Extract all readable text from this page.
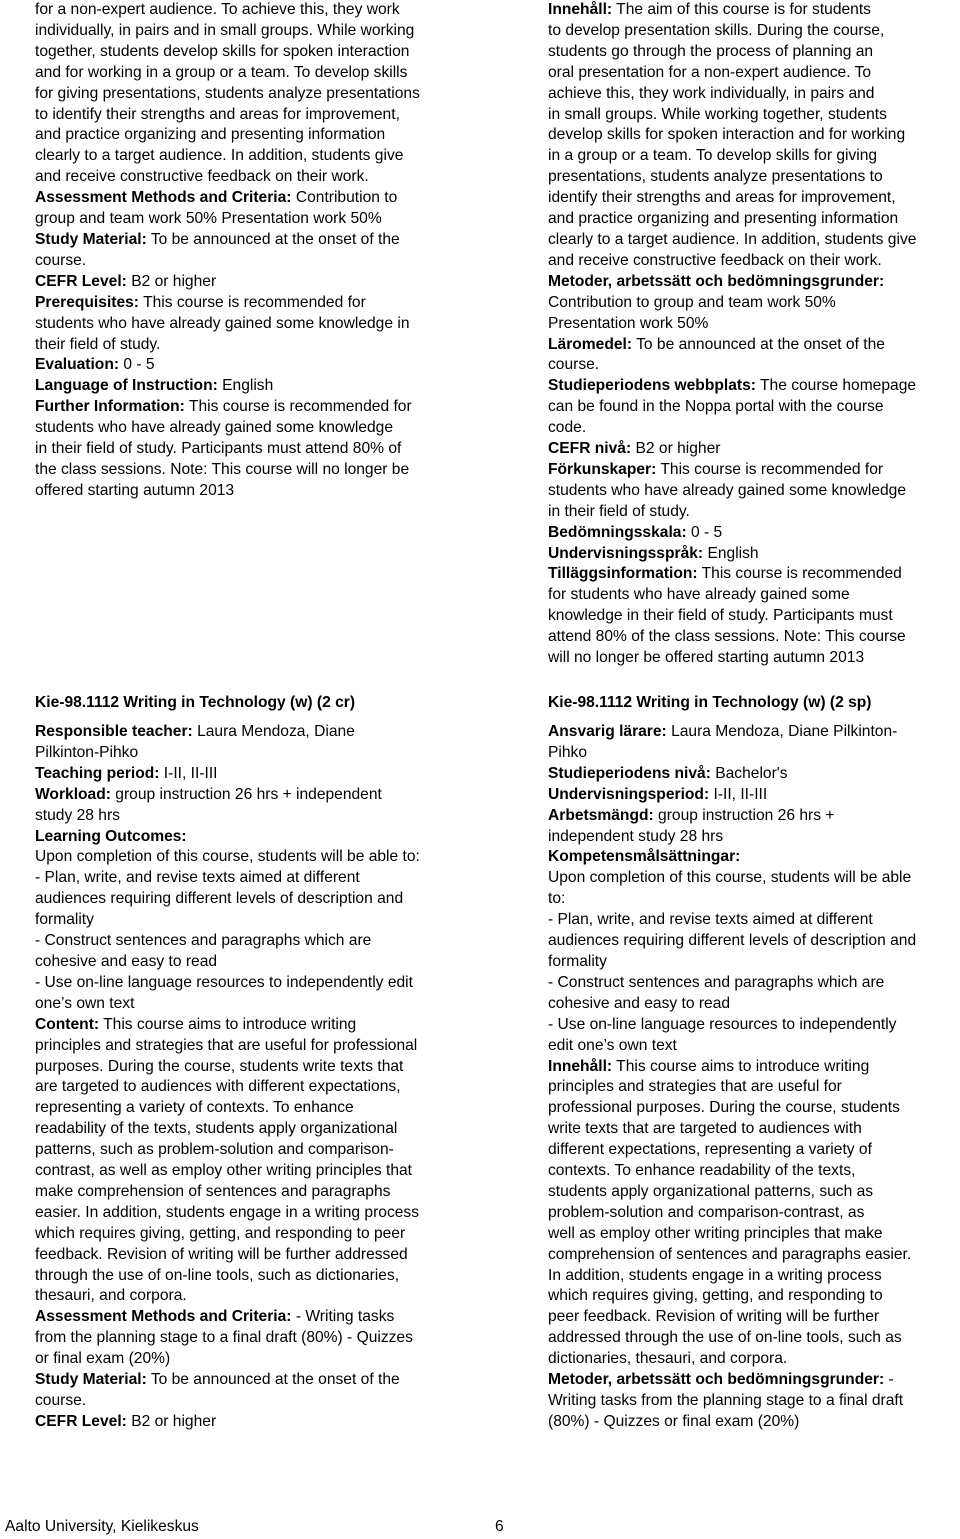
for a non-expert audience. To achieve this, they work
individually, in pairs and in small groups. While working
together, students develop skills for spoken interaction
and for working in a group or a team. To develop skills
for giving presentations, students analyze presentations
to identify their strengths and areas for improvement,
and practice organizing and presenting information
clearly to a target audience. In addition, students give
and receive constructive feedback on their work.
Assessment Methods and Criteria: Contribution to
group and team work 50% Presentation work 50%
Study Material: To be announced at the onset of the
course.
CEFR Level: B2 or higher
Prerequisites: This course is recommended for
students who have already gained some knowledge in
their field of study.
Evaluation: 0 - 5
Language of Instruction: English
Further Information: This course is recommended for
students who have already gained some knowledge
in their field of study. Participants must attend 80% of
the class sessions. Note: This course will no longer be
offered starting autumn 2013
Kie-98.1112 Writing in Technology (w) (2 cr)
Responsible teacher: Laura Mendoza, Diane
Pilkinton-Pihko
Teaching period: I-II, II-III
Workload: group instruction 26 hrs + independent
study 28 hrs
Learning Outcomes:
Upon completion of this course, students will be able to:
- Plan, write, and revise texts aimed at different
audiences requiring different levels of description and
formality
- Construct sentences and paragraphs which are
cohesive and easy to read
- Use on-line language resources to independently edit
one’s own text
Content: This course aims to introduce writing
principles and strategies that are useful for professional
purposes. During the course, students write texts that
are targeted to audiences with different expectations,
representing a variety of contexts. To enhance
readability of the texts, students apply organizational
patterns, such as problem-solution and comparison-
contrast, as well as employ other writing principles that
make comprehension of sentences and paragraphs
easier. In addition, students engage in a writing process
which requires giving, getting, and responding to peer
feedback. Revision of writing will be further addressed
through the use of on-line tools, such as dictionaries,
thesauri, and corpora.
Assessment Methods and Criteria: - Writing tasks
from the planning stage to a final draft (80%) - Quizzes
or final exam (20%)
Study Material: To be announced at the onset of the
course.
CEFR Level: B2 or higher
Innehåll: The aim of this course is for students
to develop presentation skills. During the course,
students go through the process of planning an
oral presentation for a non-expert audience. To
achieve this, they work individually, in pairs and
in small groups. While working together, students
develop skills for spoken interaction and for working
in a group or a team. To develop skills for giving
presentations, students analyze presentations to
identify their strengths and areas for improvement,
and practice organizing and presenting information
clearly to a target audience. In addition, students give
and receive constructive feedback on their work.
Metoder, arbetssätt och bedömningsgrunder:
Contribution to group and team work 50%
Presentation work 50%
Läromedel: To be announced at the onset of the
course.
Studieperiodens webbplats: The course homepage
can be found in the Noppa portal with the course
code.
CEFR nivå: B2 or higher
Förkunskaper: This course is recommended for
students who have already gained some knowledge
in their field of study.
Bedömningsskala: 0 - 5
Undervisningsspråk: English
Tilläggsinformation: This course is recommended
for students who have already gained some
knowledge in their field of study. Participants must
attend 80% of the class sessions. Note: This course
will no longer be offered starting autumn 2013
Kie-98.1112 Writing in Technology (w) (2 sp)
Ansvarig lärare: Laura Mendoza, Diane Pilkinton-
Pihko
Studieperiodens nivå: Bachelor's
Undervisningsperiod: I-II, II-III
Arbetsmängd: group instruction 26 hrs +
independent study 28 hrs
Kompetensmålsättningar:
Upon completion of this course, students will be able
to:
- Plan, write, and revise texts aimed at different
audiences requiring different levels of description and
formality
- Construct sentences and paragraphs which are
cohesive and easy to read
- Use on-line language resources to independently
edit one’s own text
Innehåll: This course aims to introduce writing
principles and strategies that are useful for
professional purposes. During the course, students
write texts that are targeted to audiences with
different expectations, representing a variety of
contexts. To enhance readability of the texts,
students apply organizational patterns, such as
problem-solution and comparison-contrast, as
well as employ other writing principles that make
comprehension of sentences and paragraphs easier.
In addition, students engage in a writing process
which requires giving, getting, and responding to
peer feedback. Revision of writing will be further
addressed through the use of on-line tools, such as
dictionaries, thesauri, and corpora.
Metoder, arbetssätt och bedömningsgrunder: -
Writing tasks from the planning stage to a final draft
(80%) - Quizzes or final exam (20%)
Aalto University, Kielikeskus	6
